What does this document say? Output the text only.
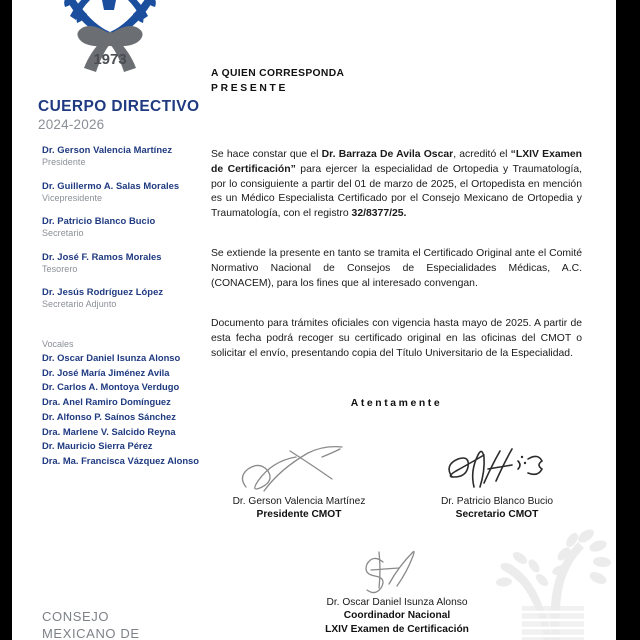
1973
CUERPO DIRECTIVO
2024-2026
Dr. Gerson Valencia Martínez
Presidente
Dr. Guillermo A. Salas Morales
Vicepresidente
Dr. Patricio Blanco Bucio
Secretario
Dr. José F. Ramos Morales
Tesorero
Dr. Jesús Rodríguez López
Secretario Adjunto
Vocales
Dr. Oscar Daniel Isunza Alonso
Dr. José María Jiménez Avila
Dr. Carlos A. Montoya Verdugo
Dra. Anel Ramiro Domínguez
Dr. Alfonso P. Saínos Sánchez
Dra. Marlene V. Salcido Reyna
Dr. Mauricio Sierra Pérez
Dra. Ma. Francisca Vázquez Alonso
CONSEJO
MEXICANO DE
A QUIEN CORRESPONDA
PRESENTE
Se hace constar que el Dr. Barraza De Avila Oscar, acreditó el “LXIV Examen de Certificación” para ejercer la especialidad de Ortopedia y Traumatología, por lo consiguiente a partir del 01 de marzo de 2025, el Ortopedista en mención es un Médico Especialista Certificado por el Consejo Mexicano de Ortopedia y Traumatología, con el registro 32/8377/25.
Se extiende la presente en tanto se tramita el Certificado Original ante el Comité Normativo Nacional de Consejos de Especialidades Médicas, A.C. (CONACEM), para los fines que al interesado convengan.
Documento para trámites oficiales con vigencia hasta mayo de 2025. A partir de esta fecha podrá recoger su certificado original en las oficinas del CMOT o solicitar el envío, presentando copia del Título Universitario de la Especialidad.
Atentamente
Dr. Gerson Valencia Martínez
Presidente CMOT
Dr. Patricio Blanco Bucio
Secretario CMOT
Dr. Oscar Daniel Isunza Alonso
Coordinador Nacional
LXIV Examen de Certificación
